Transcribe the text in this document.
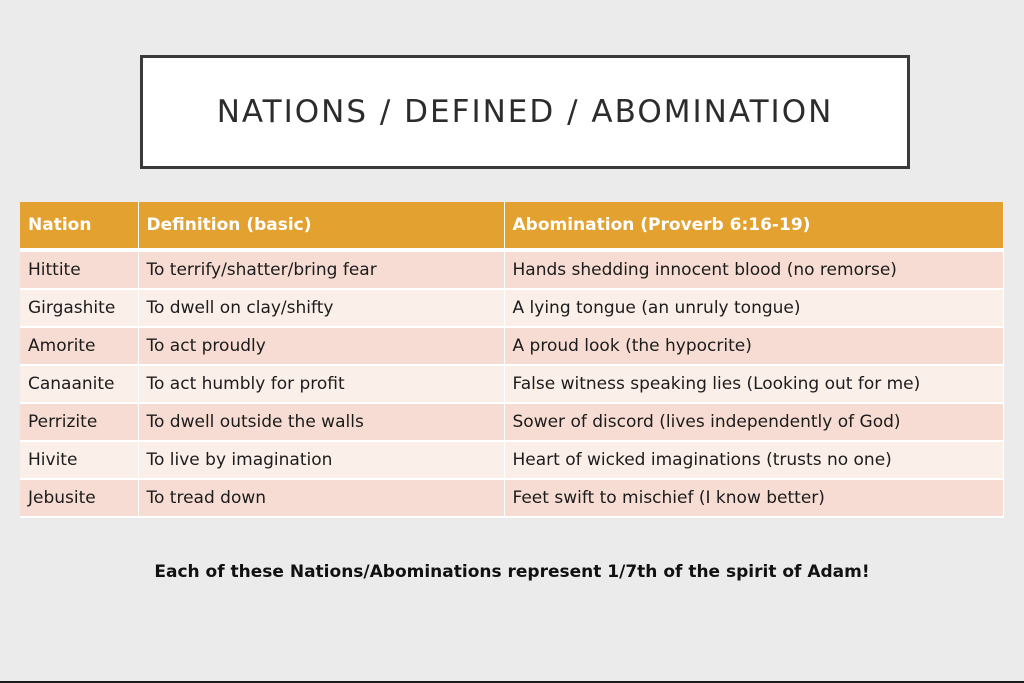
NATIONS / DEFINED / ABOMINATION
Nation	Definition (basic)	Abomination (Proverb 6:16-19)
Hittite	To terrify/shatter/bring fear	Hands shedding innocent blood (no remorse)
Girgashite	To dwell on clay/shifty	A lying tongue (an unruly tongue)
Amorite	To act proudly	A proud look (the hypocrite)
Canaanite	To act humbly for profit	False witness speaking lies (Looking out for me)
Perrizite	To dwell outside the walls	Sower of discord (lives independently of God)
Hivite	To live by imagination	Heart of wicked imaginations (trusts no one)
Jebusite	To tread down	Feet swift to mischief (I know better)
Each of these Nations/Abominations represent 1/7th of the spirit of Adam!
